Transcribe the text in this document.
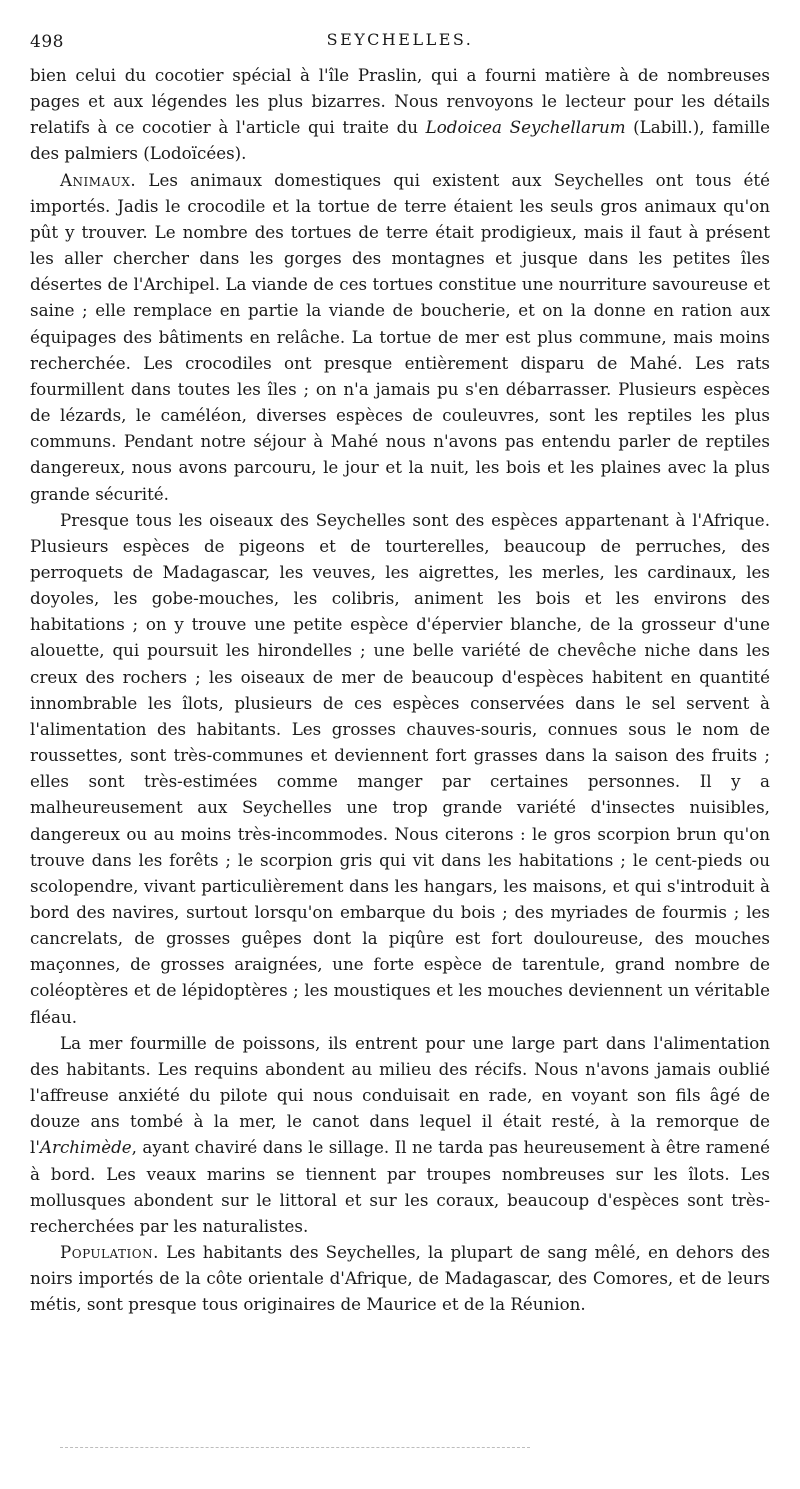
498	SEYCHELLES.

bien celui du cocotier spécial à l'île Praslin, qui a fourni matière à de nombreuses pages et aux légendes les plus bizarres. Nous renvoyons le lecteur pour les détails relatifs à ce cocotier à l'article qui traite du Lodoicea Seychellarum (Labill.), famille des palmiers (Lodoïcées).

Animaux. Les animaux domestiques qui existent aux Seychelles ont tous été importés. Jadis le crocodile et la tortue de terre étaient les seuls gros animaux qu'on pût y trouver. Le nombre des tortues de terre était prodigieux, mais il faut à présent les aller chercher dans les gorges des montagnes et jusque dans les petites îles désertes de l'Archipel. La viande de ces tortues constitue une nourriture savoureuse et saine ; elle remplace en partie la viande de boucherie, et on la donne en ration aux équipages des bâtiments en relâche. La tortue de mer est plus commune, mais moins recherchée. Les crocodiles ont presque entièrement disparu de Mahé. Les rats fourmillent dans toutes les îles ; on n'a jamais pu s'en débarrasser. Plusieurs espèces de lézards, le caméléon, diverses espèces de couleuvres, sont les reptiles les plus communs. Pendant notre séjour à Mahé nous n'avons pas entendu parler de reptiles dangereux, nous avons parcouru, le jour et la nuit, les bois et les plaines avec la plus grande sécurité.

Presque tous les oiseaux des Seychelles sont des espèces appartenant à l'Afrique. Plusieurs espèces de pigeons et de tourterelles, beaucoup de perruches, des perroquets de Madagascar, les veuves, les aigrettes, les merles, les cardinaux, les doyoles, les gobe-mouches, les colibris, animent les bois et les environs des habitations ; on y trouve une petite espèce d'épervier blanche, de la grosseur d'une alouette, qui poursuit les hirondelles ; une belle variété de chevêche niche dans les creux des rochers ; les oiseaux de mer de beaucoup d'espèces habitent en quantité innombrable les îlots, plusieurs de ces espèces conservées dans le sel servent à l'alimentation des habitants. Les grosses chauves-souris, connues sous le nom de roussettes, sont très-communes et deviennent fort grasses dans la saison des fruits ; elles sont très-estimées comme manger par certaines personnes. Il y a malheureusement aux Seychelles une trop grande variété d'insectes nuisibles, dangereux ou au moins très-incommodes. Nous citerons : le gros scorpion brun qu'on trouve dans les forêts ; le scorpion gris qui vit dans les habitations ; le cent-pieds ou scolopendre, vivant particulièrement dans les hangars, les maisons, et qui s'introduit à bord des navires, surtout lorsqu'on embarque du bois ; des myriades de fourmis ; les cancrelats, de grosses guêpes dont la piqûre est fort douloureuse, des mouches maçonnes, de grosses araignées, une forte espèce de tarentule, grand nombre de coléoptères et de lépidoptères ; les moustiques et les mouches deviennent un véritable fléau.

La mer fourmille de poissons, ils entrent pour une large part dans l'alimentation des habitants. Les requins abondent au milieu des récifs. Nous n'avons jamais oublié l'affreuse anxiété du pilote qui nous conduisait en rade, en voyant son fils âgé de douze ans tombé à la mer, le canot dans lequel il était resté, à la remorque de l'Archimède, ayant chaviré dans le sillage. Il ne tarda pas heureusement à être ramené à bord. Les veaux marins se tiennent par troupes nombreuses sur les îlots. Les mollusques abondent sur le littoral et sur les coraux, beaucoup d'espèces sont très-recherchées par les naturalistes.

Population. Les habitants des Seychelles, la plupart de sang mêlé, en dehors des noirs importés de la côte orientale d'Afrique, de Madagascar, des Comores, et de leurs métis, sont presque tous originaires de Maurice et de la Réunion.
